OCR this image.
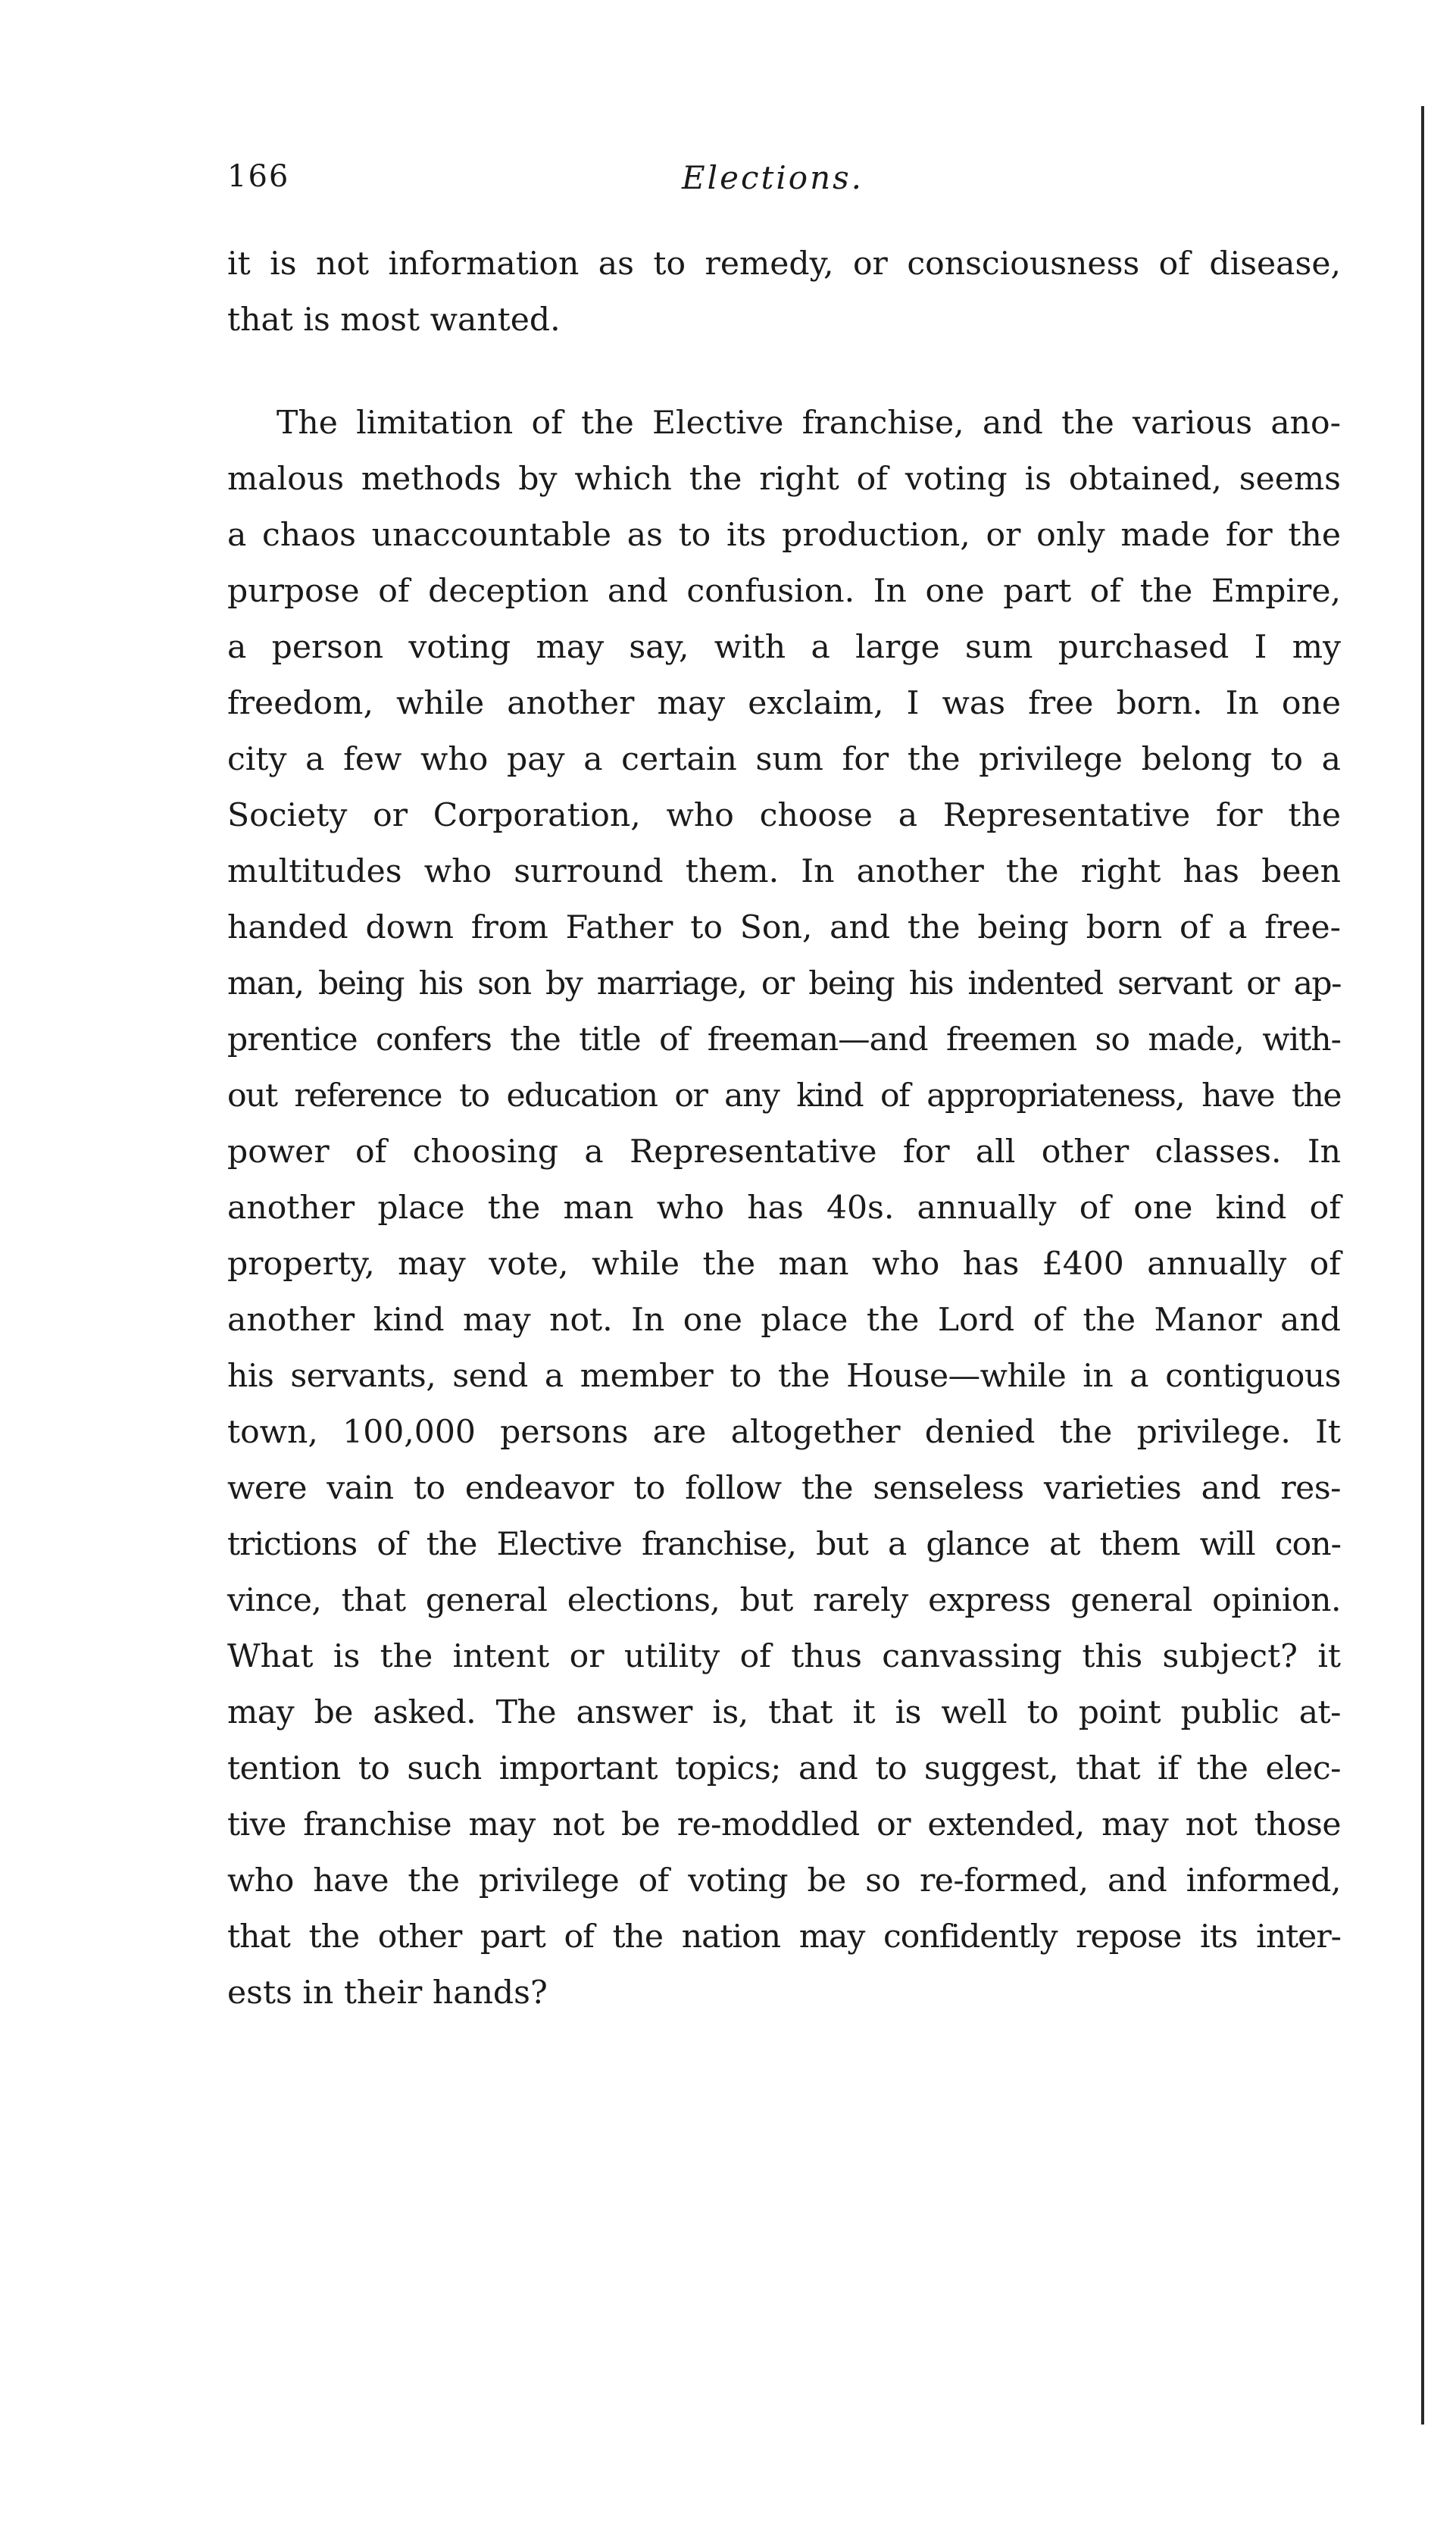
166	Elections.
it is not information as to remedy, or consciousness of disease,
that is most wanted.
The limitation of the Elective franchise, and the various ano-
malous methods by which the right of voting is obtained, seems
a chaos unaccountable as to its production, or only made for the
purpose of deception and confusion. In one part of the Empire,
a person voting may say, with a large sum purchased I my
freedom, while another may exclaim, I was free born. In one
city a few who pay a certain sum for the privilege belong to a
Society or Corporation, who choose a Representative for the
multitudes who surround them. In another the right has been
handed down from Father to Son, and the being born of a free-
man, being his son by marriage, or being his indented servant or ap-
prentice confers the title of freeman—and freemen so made, with-
out reference to education or any kind of appropriateness, have the
power of choosing a Representative for all other classes. In
another place the man who has 40s. annually of one kind of
property, may vote, while the man who has £400 annually of
another kind may not. In one place the Lord of the Manor and
his servants, send a member to the House—while in a contiguous
town, 100,000 persons are altogether denied the privilege. It
were vain to endeavor to follow the senseless varieties and res-
trictions of the Elective franchise, but a glance at them will con-
vince, that general elections, but rarely express general opinion.
What is the intent or utility of thus canvassing this subject? it
may be asked. The answer is, that it is well to point public at-
tention to such important topics; and to suggest, that if the elec-
tive franchise may not be re-moddled or extended, may not those
who have the privilege of voting be so re-formed, and informed,
that the other part of the nation may confidently repose its inter-
ests in their hands?
